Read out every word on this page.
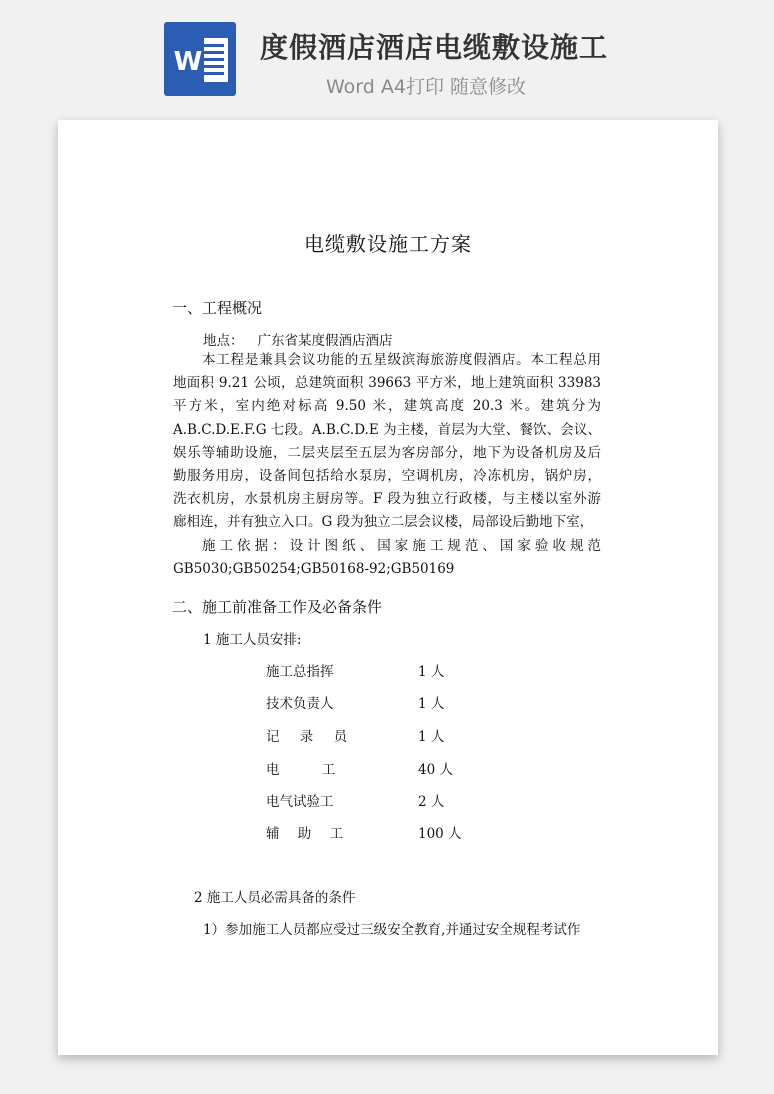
W 度假酒店酒店电缆敷设施工
Word A4打印 随意修改
电缆敷设施工方案
一、工程概况
地点： 广东省某度假酒店酒店
本工程是兼具会议功能的五星级滨海旅游度假酒店。本工程总用
地面积 9.21 公顷，总建筑面积 39663 平方米，地上建筑面积 33983
平方米，室内绝对标高 9.50 米，建筑高度 20.3 米。建筑分为
A.B.C.D.E.F.G 七段。A.B.C.D.E 为主楼，首层为大堂、餐饮、会议、
娱乐等辅助设施，二层夹层至五层为客房部分，地下为设备机房及后
勤服务用房，设备间包括给水泵房，空调机房，冷冻机房，锅炉房，
洗衣机房，水景机房主厨房等。F 段为独立行政楼，与主楼以室外游
廊相连，并有独立入口。G 段为独立二层会议楼，局部设后勤地下室，
施工依据：设计图纸、国家施工规范、国家验收规范
GB5030;GB50254;GB50168-92;GB50169
二、施工前准备工作及必备条件
1 施工人员安排:
施工总指挥	1 人
技术负责人	1 人
记 录 员	1 人
电 工	40 人
电气试验工	2 人
辅 助 工	100 人
2 施工人员必需具备的条件
1）参加施工人员都应受过三级安全教育,并通过安全规程考试作
